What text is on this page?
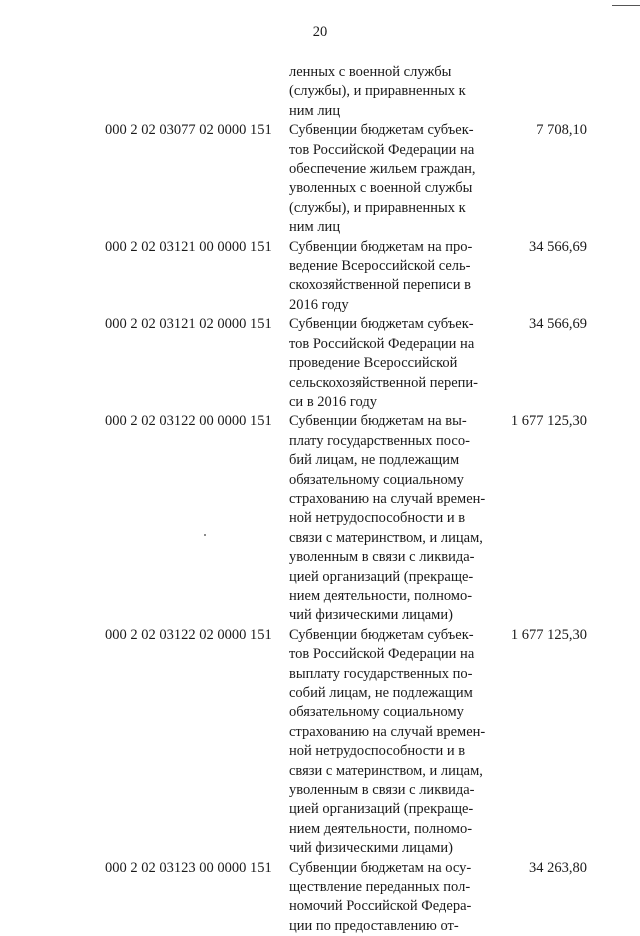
20
ленных с военной службы
(службы), и приравненных к
ним лиц
000 2 02 03077 02 0000 151 Субвенции бюджетам субъек-
тов Российской Федерации на
обеспечение жильем граждан,
уволенных с военной службы
(службы), и приравненных к
ним лиц
7 708,10
000 2 02 03121 00 0000 151 Субвенции бюджетам на про-
ведение Всероссийской сель-
скохозяйственной переписи в
2016 году
34 566,69
000 2 02 03121 02 0000 151 Субвенции бюджетам субъек-
тов Российской Федерации на
проведение Всероссийской
сельскохозяйственной перепи-
си в 2016 году
34 566,69
000 2 02 03122 00 0000 151 Субвенции бюджетам на вы-
плату государственных посо-
бий лицам, не подлежащим
обязательному социальному
страхованию на случай времен-
ной нетрудоспособности и в
связи с материнством, и лицам,
уволенным в связи с ликвида-
цией организаций (прекраще-
нием деятельности, полномо-
чий физическими лицами)
1 677 125,30
000 2 02 03122 02 0000 151 Субвенции бюджетам субъек-
тов Российской Федерации на
выплату государственных по-
собий лицам, не подлежащим
обязательному социальному
страхованию на случай времен-
ной нетрудоспособности и в
связи с материнством, и лицам,
уволенным в связи с ликвида-
цией организаций (прекраще-
нием деятельности, полномо-
чий физическими лицами)
1 677 125,30
000 2 02 03123 00 0000 151 Субвенции бюджетам на осу-
ществление переданных пол-
номочий Российской Федера-
ции по предоставлению от-
34 263,80
